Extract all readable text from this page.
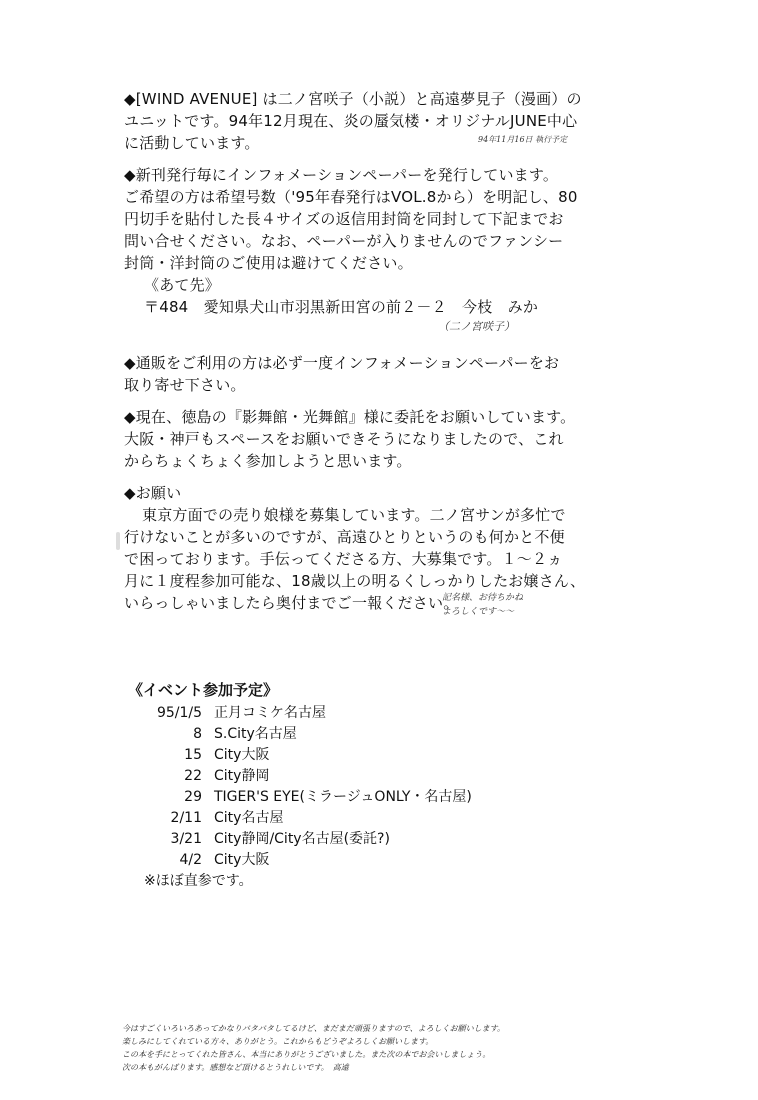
◆[WIND AVENUE] は二ノ宮咲子（小説）と高遠夢見子（漫画）の
ユニットです。94年12月現在、炎の蜃気楼・オリジナルJUNE中心
に活動しています。	94年11月16日 執行予定
◆新刊発行毎にインフォメーションペーパーを発行しています。
ご希望の方は希望号数（'95年春発行はVOL.8から）を明記し、80
円切手を貼付した長４サイズの返信用封筒を同封して下記までお
問い合せください。なお、ペーパーが入りませんのでファンシー
封筒・洋封筒のご使用は避けてください。
《あて先》
〒484　愛知県犬山市羽黒新田宮の前２－２　今枝　みか
（二ノ宮咲子）
◆通販をご利用の方は必ず一度インフォメーションペーパーをお
取り寄せ下さい。
◆現在、徳島の『影舞館・光舞館』様に委託をお願いしています。
大阪・神戸もスペースをお願いできそうになりましたので、これ
からちょくちょく参加しようと思います。
◆お願い
東京方面での売り娘様を募集しています。二ノ宮サンが多忙で
行けないことが多いのですが、高遠ひとりというのも何かと不便
で困っております。手伝ってくださる方、大募集です。１～２ヵ
月に１度程参加可能な、18歳以上の明るくしっかりしたお嬢さん、
いらっしゃいましたら奥付までご一報ください。
記名様、お待ちかね
よろしくです〜〜
《イベント参加予定》
95/1/5 正月コミケ名古屋
8 S.City名古屋
15 City大阪
22 City静岡
29 TIGER'S EYE(ミラージュONLY・名古屋)
2/11 City名古屋
3/21 City静岡/City名古屋(委託?)
4/2 City大阪
※ほぼ直参です。
今はすごくいろいろあってかなりバタバタしてるけど、まだまだ頑張りますので、よろしくお願いします。
楽しみにしてくれている方々、ありがとう。これからもどうぞよろしくお願いします。
この本を手にとってくれた皆さん、本当にありがとうございました。また次の本でお会いしましょう。
次の本もがんばります。感想など頂けるとうれしいです。　高遠
